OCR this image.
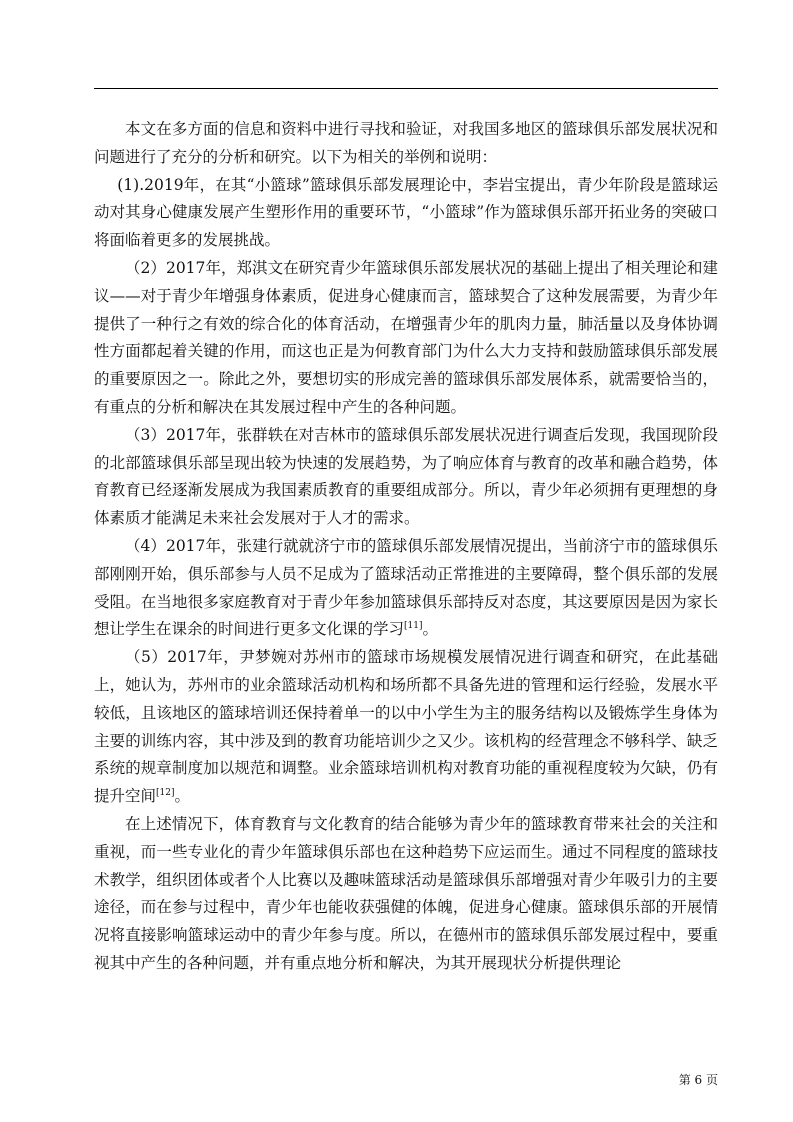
本文在多方面的信息和资料中进行寻找和验证，对我国多地区的篮球俱乐部发展状况和问题进行了充分的分析和研究。以下为相关的举例和说明：

(1).2019年，在其“小篮球”篮球俱乐部发展理论中，李岩宝提出，青少年阶段是篮球运动对其身心健康发展产生塑形作用的重要环节，“小篮球”作为篮球俱乐部开拓业务的突破口将面临着更多的发展挑战。

（2）2017年，郑淇文在研究青少年篮球俱乐部发展状况的基础上提出了相关理论和建议——对于青少年增强身体素质，促进身心健康而言，篮球契合了这种发展需要，为青少年提供了一种行之有效的综合化的体育活动，在增强青少年的肌肉力量，肺活量以及身体协调性方面都起着关键的作用，而这也正是为何教育部门为什么大力支持和鼓励篮球俱乐部发展的重要原因之一。除此之外，要想切实的形成完善的篮球俱乐部发展体系，就需要恰当的，有重点的分析和解决在其发展过程中产生的各种问题。

（3）2017年，张群轶在对吉林市的篮球俱乐部发展状况进行调查后发现，我国现阶段的北部篮球俱乐部呈现出较为快速的发展趋势，为了响应体育与教育的改革和融合趋势，体育教育已经逐渐发展成为我国素质教育的重要组成部分。所以，青少年必须拥有更理想的身体素质才能满足未来社会发展对于人才的需求。

（4）2017年，张建行就就济宁市的篮球俱乐部发展情况提出，当前济宁市的篮球俱乐部刚刚开始，俱乐部参与人员不足成为了篮球活动正常推进的主要障碍，整个俱乐部的发展受阻。在当地很多家庭教育对于青少年参加篮球俱乐部持反对态度，其这要原因是因为家长想让学生在课余的时间进行更多文化课的学习[11]。

（5）2017年，尹梦婉对苏州市的篮球市场规模发展情况进行调查和研究，在此基础上，她认为，苏州市的业余篮球活动机构和场所都不具备先进的管理和运行经验，发展水平较低，且该地区的篮球培训还保持着单一的以中小学生为主的服务结构以及锻炼学生身体为主要的训练内容，其中涉及到的教育功能培训少之又少。该机构的经营理念不够科学、缺乏系统的规章制度加以规范和调整。业余篮球培训机构对教育功能的重视程度较为欠缺，仍有提升空间[12]。

在上述情况下，体育教育与文化教育的结合能够为青少年的篮球教育带来社会的关注和重视，而一些专业化的青少年篮球俱乐部也在这种趋势下应运而生。通过不同程度的篮球技术教学，组织团体或者个人比赛以及趣味篮球活动是篮球俱乐部增强对青少年吸引力的主要途径，而在参与过程中，青少年也能收获强健的体魄，促进身心健康。篮球俱乐部的开展情况将直接影响篮球运动中的青少年参与度。所以，在德州市的篮球俱乐部发展过程中，要重视其中产生的各种问题，并有重点地分析和解决，为其开展现状分析提供理论

第 6 页
